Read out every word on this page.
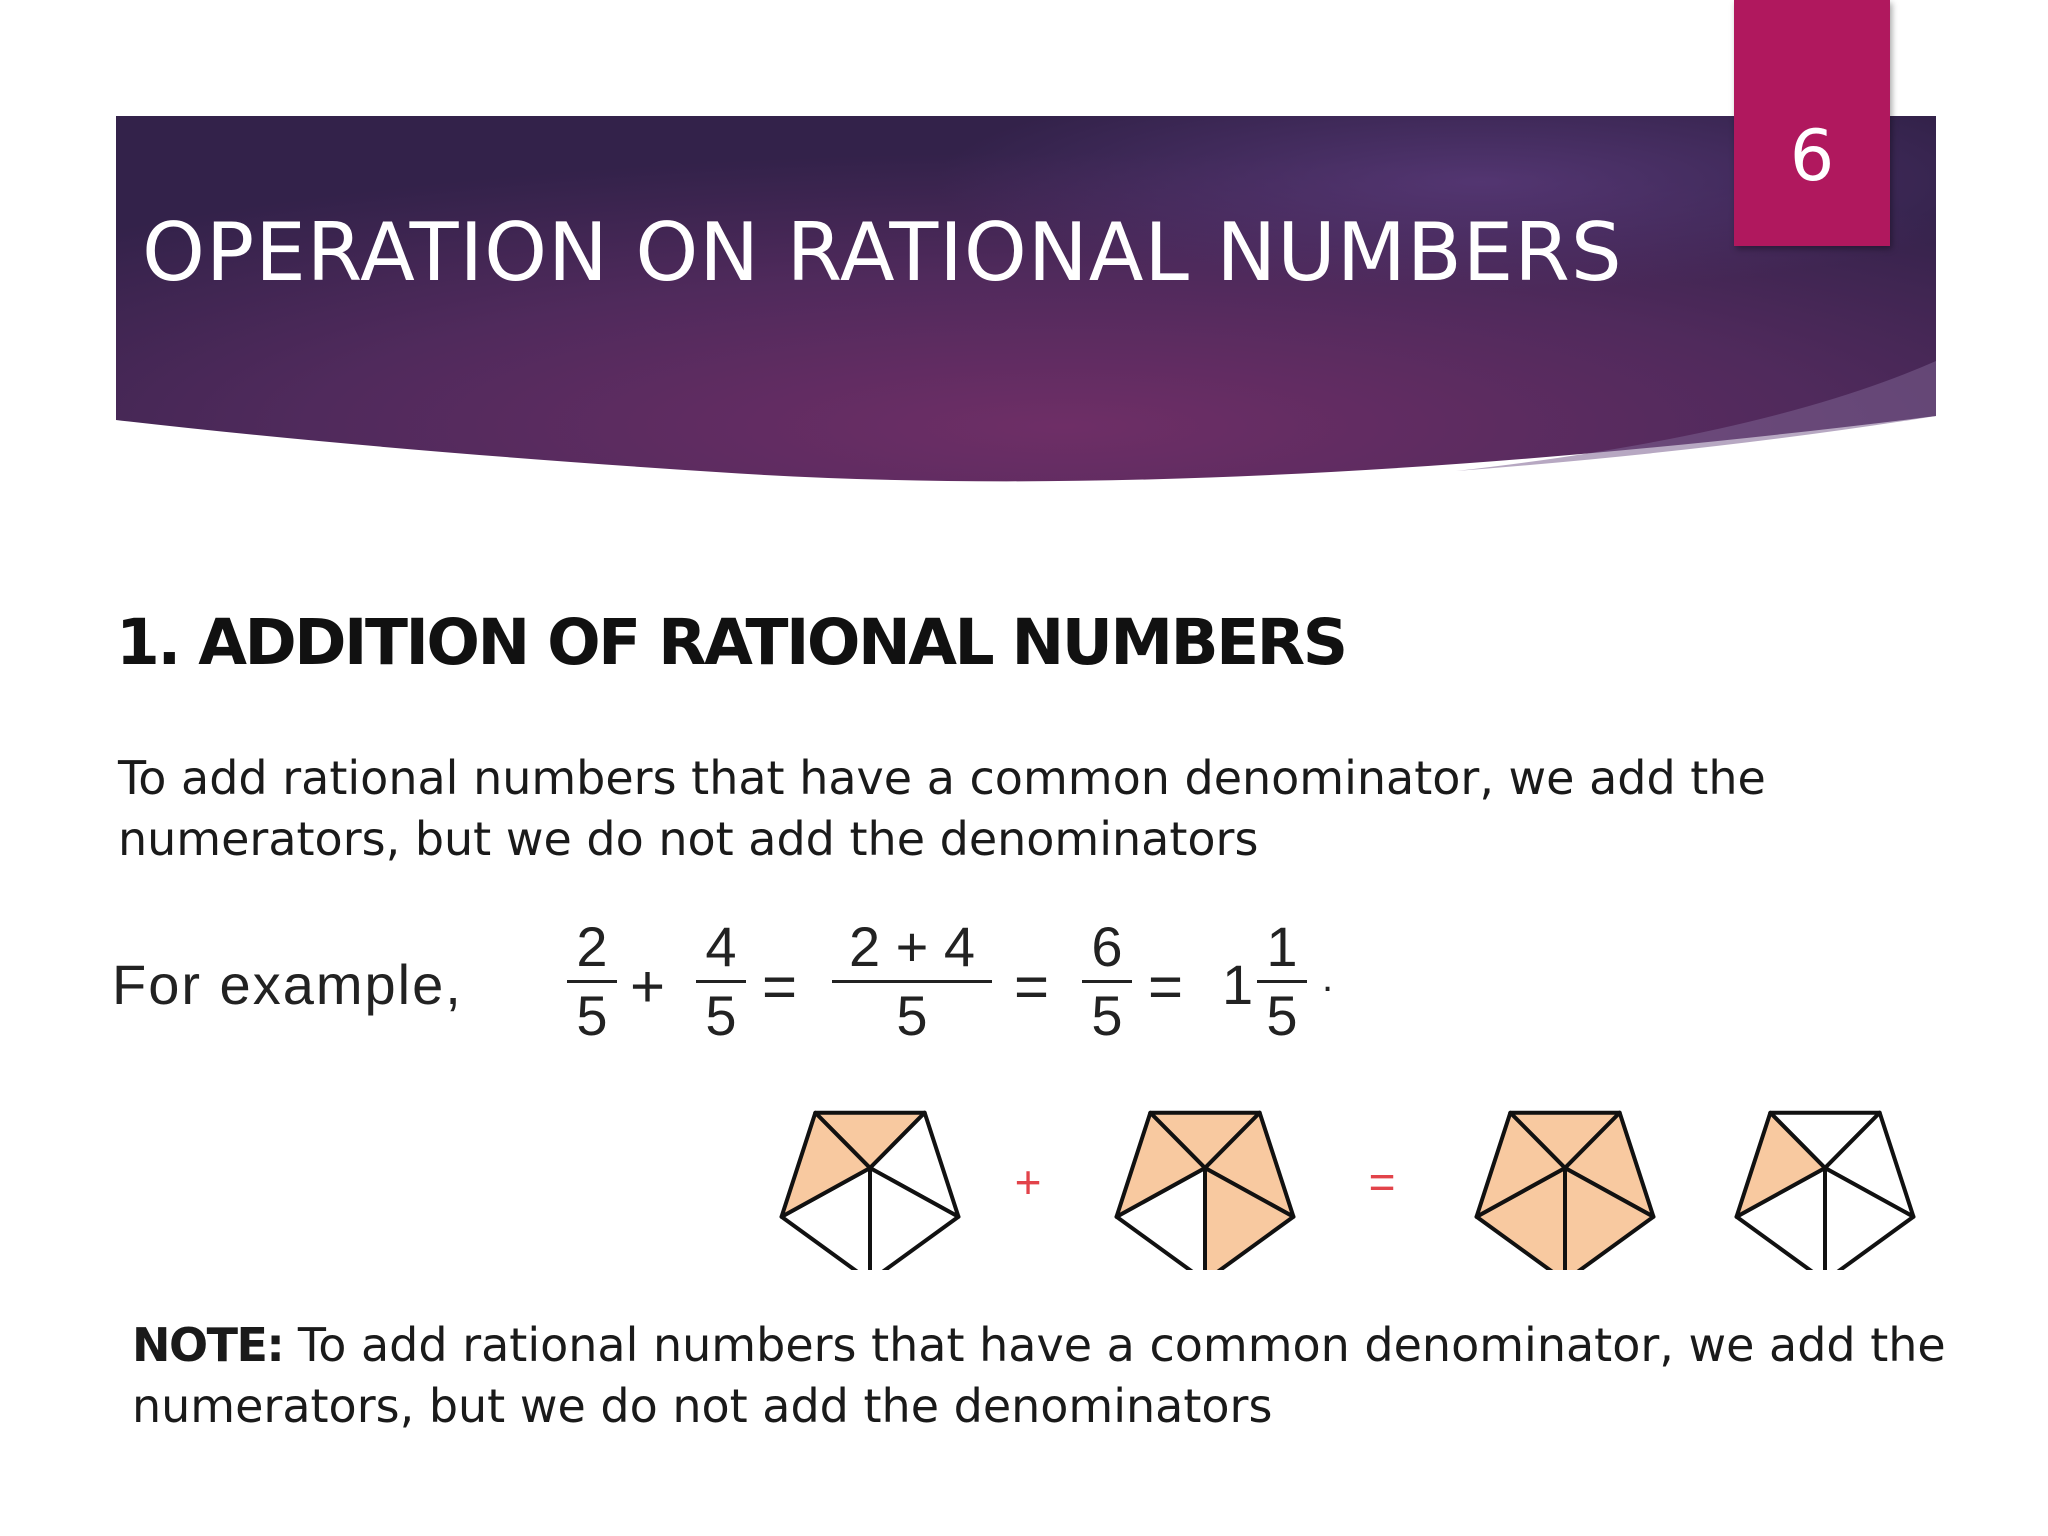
OPERATION ON RATIONAL NUMBERS
6
1. ADDITION OF RATIONAL NUMBERS
To add rational numbers that have a common denominator, we add the numerators, but we do not add the denominators
For example,
2
5 +
4
5 =
2 + 4
5	=
6
5 = 1
1
5
.
+	=
NOTE: To add rational numbers that have a common denominator, we add the numerators, but we do not add the denominators
